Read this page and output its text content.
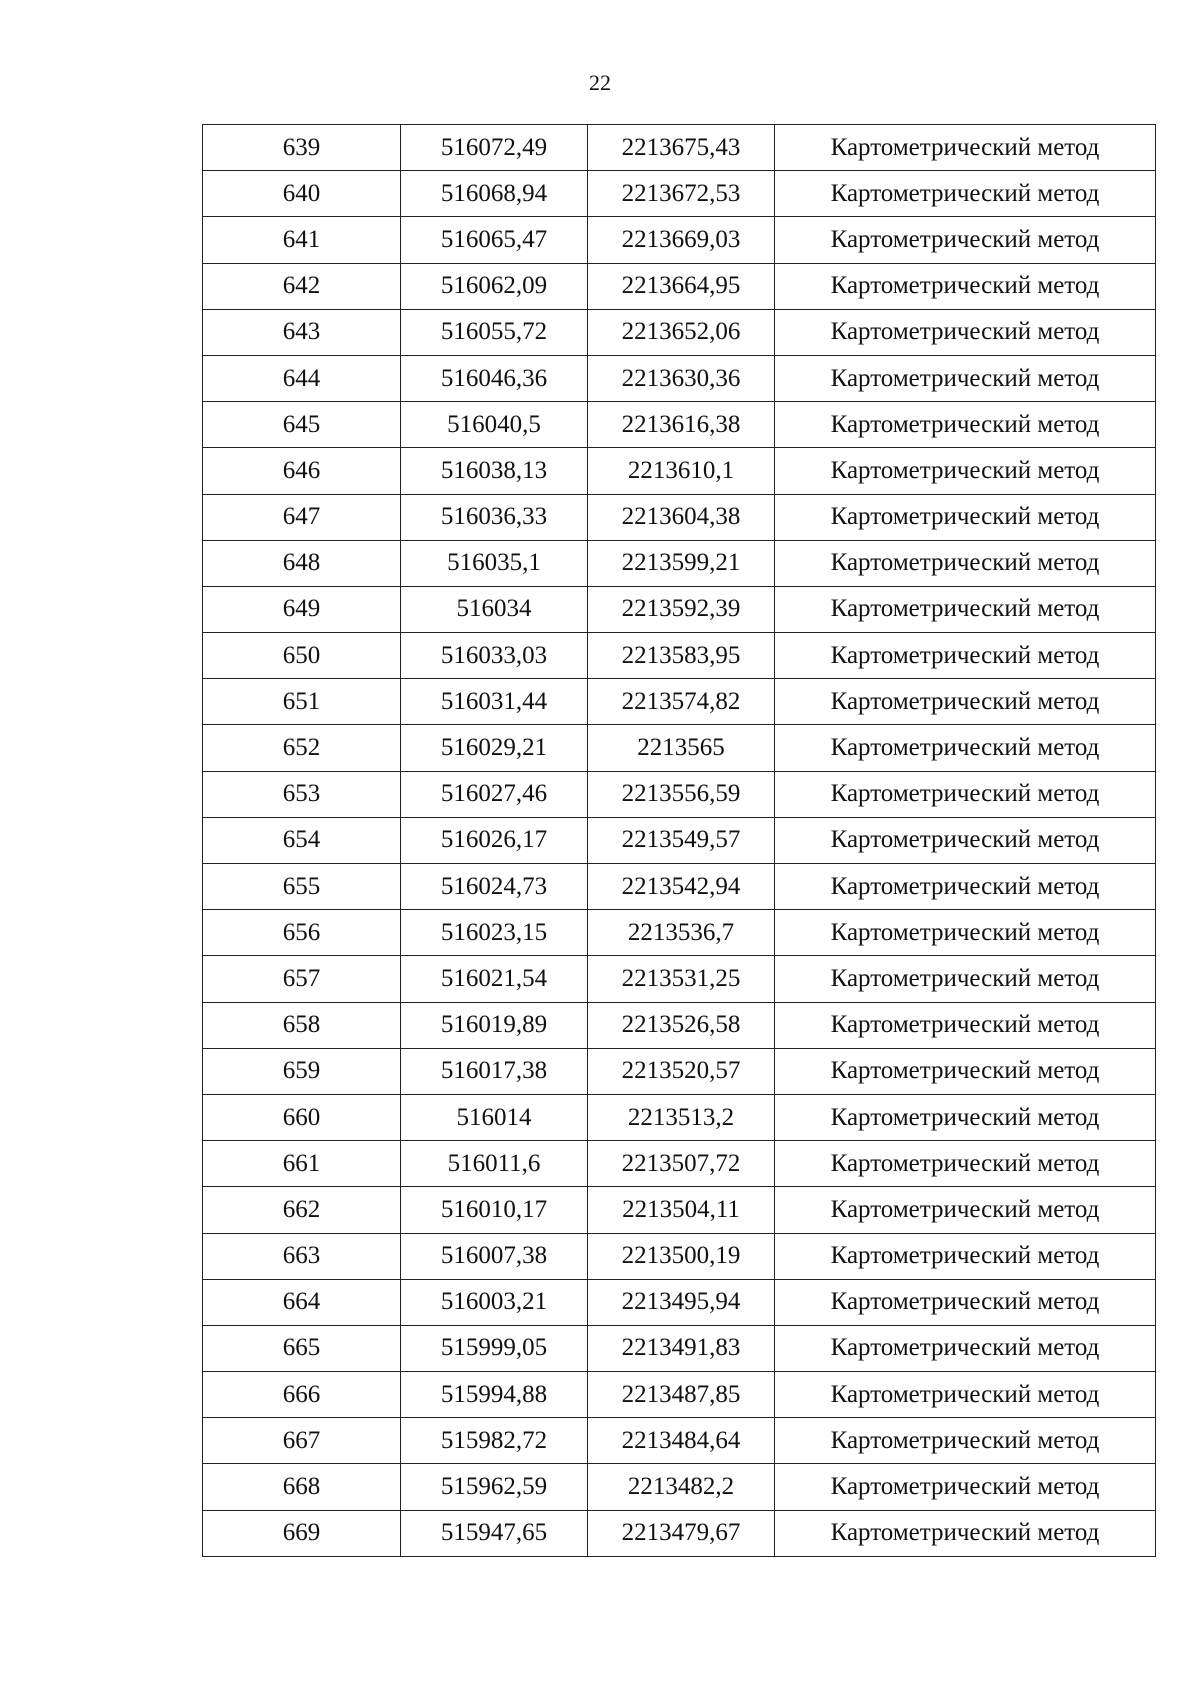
22
639	516072,49	2213675,43	Картометрический метод
640	516068,94	2213672,53	Картометрический метод
641	516065,47	2213669,03	Картометрический метод
642	516062,09	2213664,95	Картометрический метод
643	516055,72	2213652,06	Картометрический метод
644	516046,36	2213630,36	Картометрический метод
645	516040,5	2213616,38	Картометрический метод
646	516038,13	2213610,1	Картометрический метод
647	516036,33	2213604,38	Картометрический метод
648	516035,1	2213599,21	Картометрический метод
649	516034	2213592,39	Картометрический метод
650	516033,03	2213583,95	Картометрический метод
651	516031,44	2213574,82	Картометрический метод
652	516029,21	2213565	Картометрический метод
653	516027,46	2213556,59	Картометрический метод
654	516026,17	2213549,57	Картометрический метод
655	516024,73	2213542,94	Картометрический метод
656	516023,15	2213536,7	Картометрический метод
657	516021,54	2213531,25	Картометрический метод
658	516019,89	2213526,58	Картометрический метод
659	516017,38	2213520,57	Картометрический метод
660	516014	2213513,2	Картометрический метод
661	516011,6	2213507,72	Картометрический метод
662	516010,17	2213504,11	Картометрический метод
663	516007,38	2213500,19	Картометрический метод
664	516003,21	2213495,94	Картометрический метод
665	515999,05	2213491,83	Картометрический метод
666	515994,88	2213487,85	Картометрический метод
667	515982,72	2213484,64	Картометрический метод
668	515962,59	2213482,2	Картометрический метод
669	515947,65	2213479,67	Картометрический метод
